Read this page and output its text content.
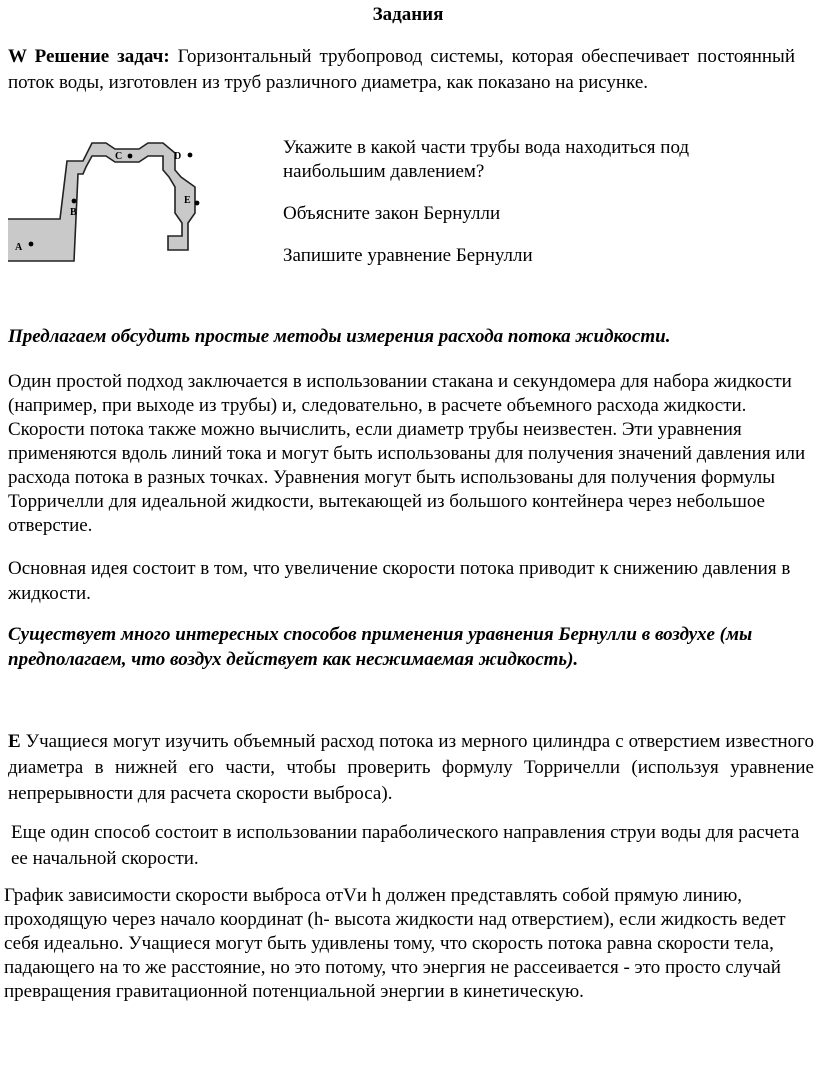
Задания

W Решение задач: Горизонтальный трубопровод системы, которая обеспечивает постоянный поток воды, изготовлен из труб различного диаметра, как показано на рисунке.

A
B
C	D
E

Укажите в какой части трубы вода находиться под наибольшим давлением?

Объясните закон Бернулли

Запишите уравнение Бернулли

Предлагаем обсудить простые методы измерения расхода потока жидкости.

Один простой подход заключается в использовании стакана и секундомера для набора жидкости (например, при выходе из трубы) и, следовательно, в расчете объемного расхода жидкости. Скорости потока также можно вычислить, если диаметр трубы неизвестен. Эти уравнения применяются вдоль линий тока и могут быть использованы для получения значений давления или расхода потока в разных точках. Уравнения могут быть использованы для получения формулы Торричелли для идеальной жидкости, вытекающей из большого контейнера через небольшое отверстие.

Основная идея состоит в том, что увеличение скорости потока приводит к снижению давления в жидкости.

Существует много интересных способов применения уравнения Бернулли в воздухе (мы предполагаем, что воздух действует как несжимаемая жидкость).

E Учащиеся могут изучить объемный расход потока из мерного цилиндра с отверстием известного диаметра в нижней его части, чтобы проверить формулу Торричелли (используя уравнение непрерывности для расчета скорости выброса).

Еще один способ состоит в использовании параболического направления струи воды для расчета ее начальной скорости.

График зависимости скорости выброса отVи h должен представлять собой прямую линию, проходящую через начало координат (h- высота жидкости над отверстием), если жидкость ведет себя идеально. Учащиеся могут быть удивлены тому, что скорость потока равна скорости тела, падающего на то же расстояние, но это потому, что энергия не рассеивается - это просто случай превращения гравитационной потенциальной энергии в кинетическую.
